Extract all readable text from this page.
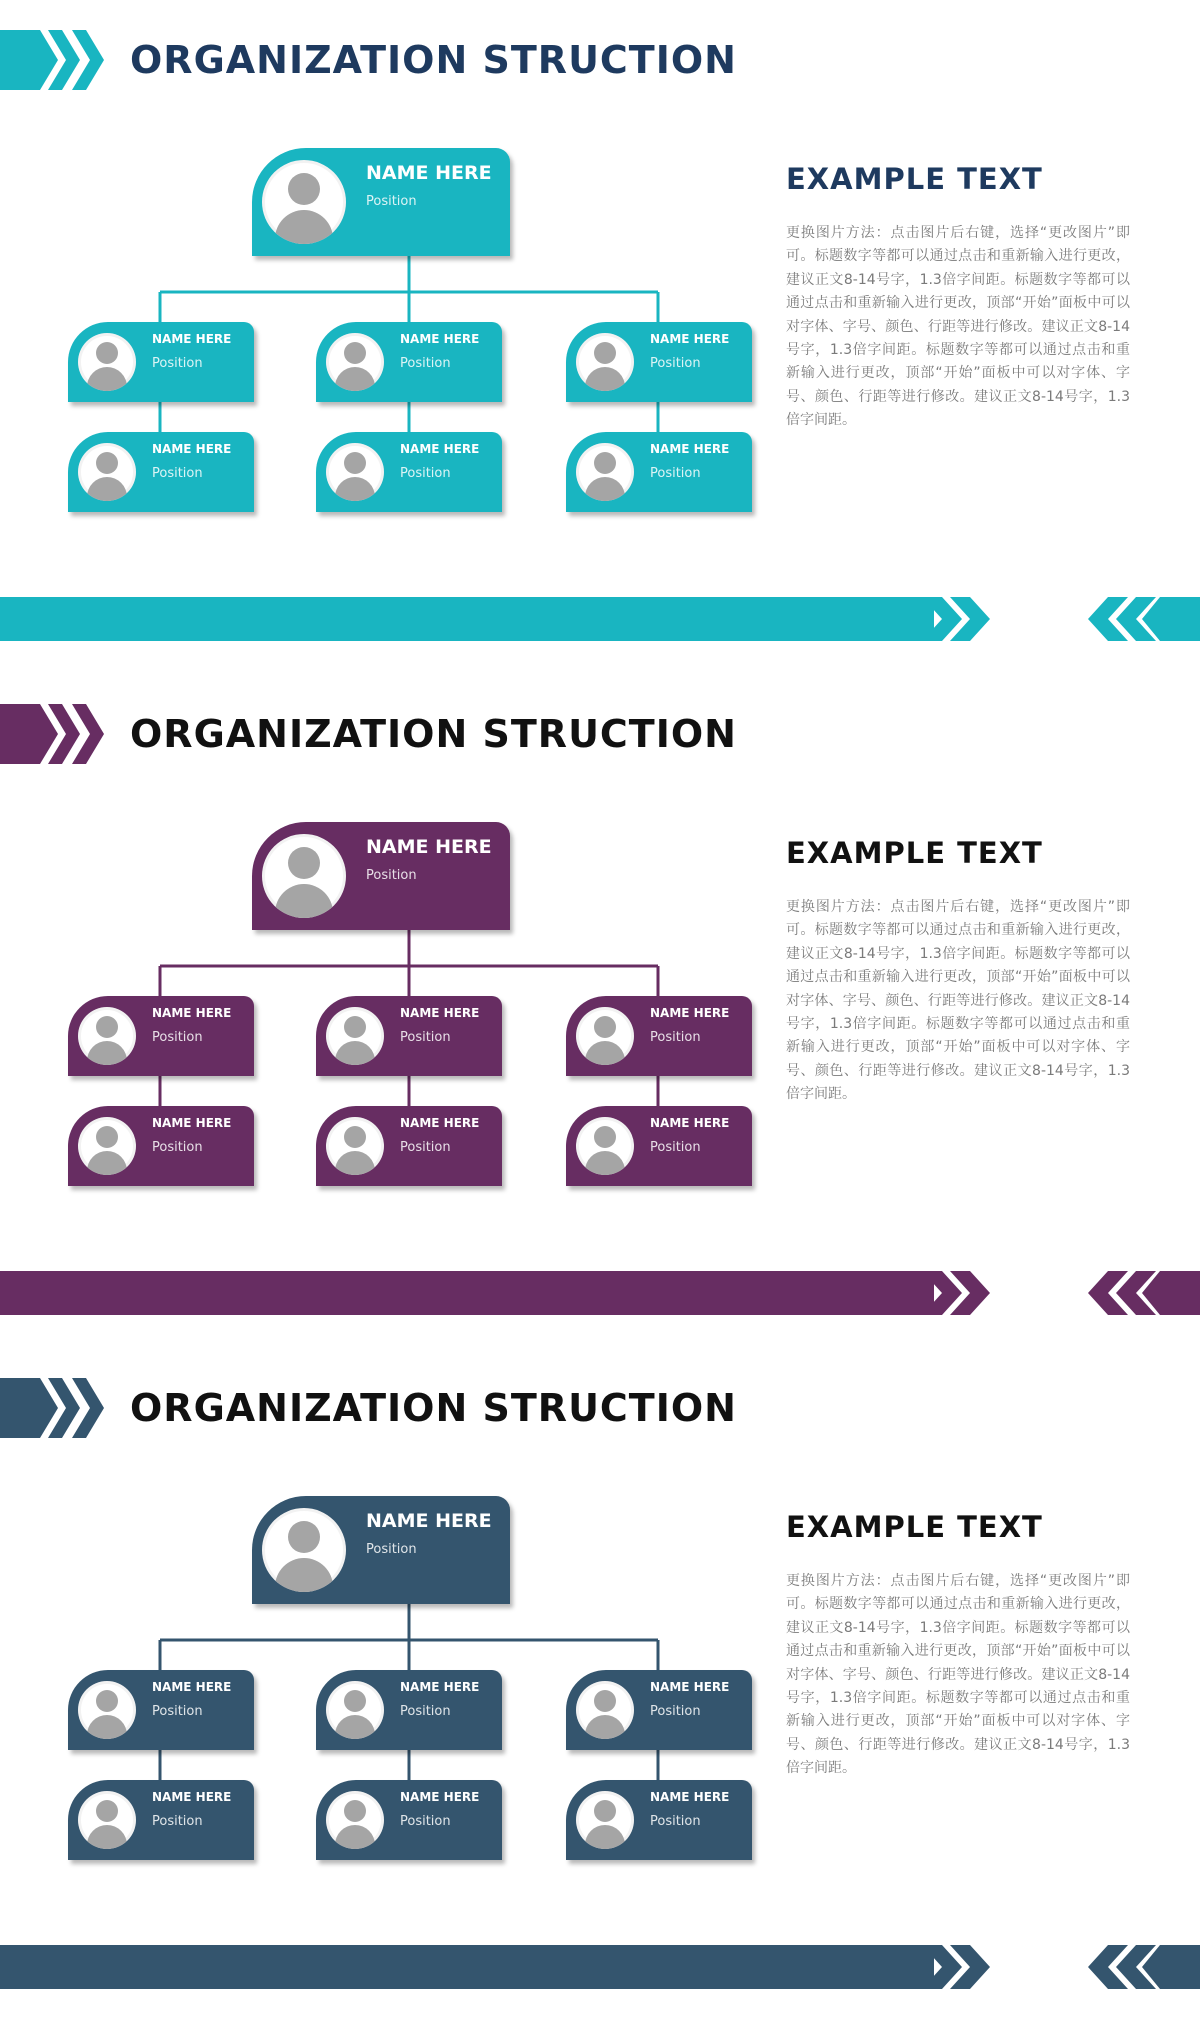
ORGANIZATION STRUCTION
NAME HERE
Position
NAME HERE
Position
NAME HERE
Position
NAME HERE
Position
NAME HERE
Position
NAME HERE
Position
NAME HERE
Position
EXAMPLE TEXT

更换图片方法：点击图片后右键，选择“更改图片”即可。标题数字等都可以通过点击和重新输入进行更改，建议正文8-14号字，1.3倍字间距。标题数字等都可以通过点击和重新输入进行更改，顶部“开始”面板中可以对字体、字号、颜色、行距等进行修改。建议正文8-14号字，1.3倍字间距。标题数字等都可以通过点击和重新输入进行更改，顶部“开始”面板中可以对字体、字号、颜色、行距等进行修改。建议正文8-14号字，1.3倍字间距。

ORGANIZATION STRUCTION
NAME HERE
Position
NAME HERE
Position
NAME HERE
Position
NAME HERE
Position
NAME HERE
Position
NAME HERE
Position
NAME HERE
Position
EXAMPLE TEXT

更换图片方法：点击图片后右键，选择“更改图片”即可。标题数字等都可以通过点击和重新输入进行更改，建议正文8-14号字，1.3倍字间距。标题数字等都可以通过点击和重新输入进行更改，顶部“开始”面板中可以对字体、字号、颜色、行距等进行修改。建议正文8-14号字，1.3倍字间距。标题数字等都可以通过点击和重新输入进行更改，顶部“开始”面板中可以对字体、字号、颜色、行距等进行修改。建议正文8-14号字，1.3倍字间距。

ORGANIZATION STRUCTION
NAME HERE
Position
NAME HERE
Position
NAME HERE
Position
NAME HERE
Position
NAME HERE
Position
NAME HERE
Position
NAME HERE
Position
EXAMPLE TEXT

更换图片方法：点击图片后右键，选择“更改图片”即可。标题数字等都可以通过点击和重新输入进行更改，建议正文8-14号字，1.3倍字间距。标题数字等都可以通过点击和重新输入进行更改，顶部“开始”面板中可以对字体、字号、颜色、行距等进行修改。建议正文8-14号字，1.3倍字间距。标题数字等都可以通过点击和重新输入进行更改，顶部“开始”面板中可以对字体、字号、颜色、行距等进行修改。建议正文8-14号字，1.3倍字间距。
